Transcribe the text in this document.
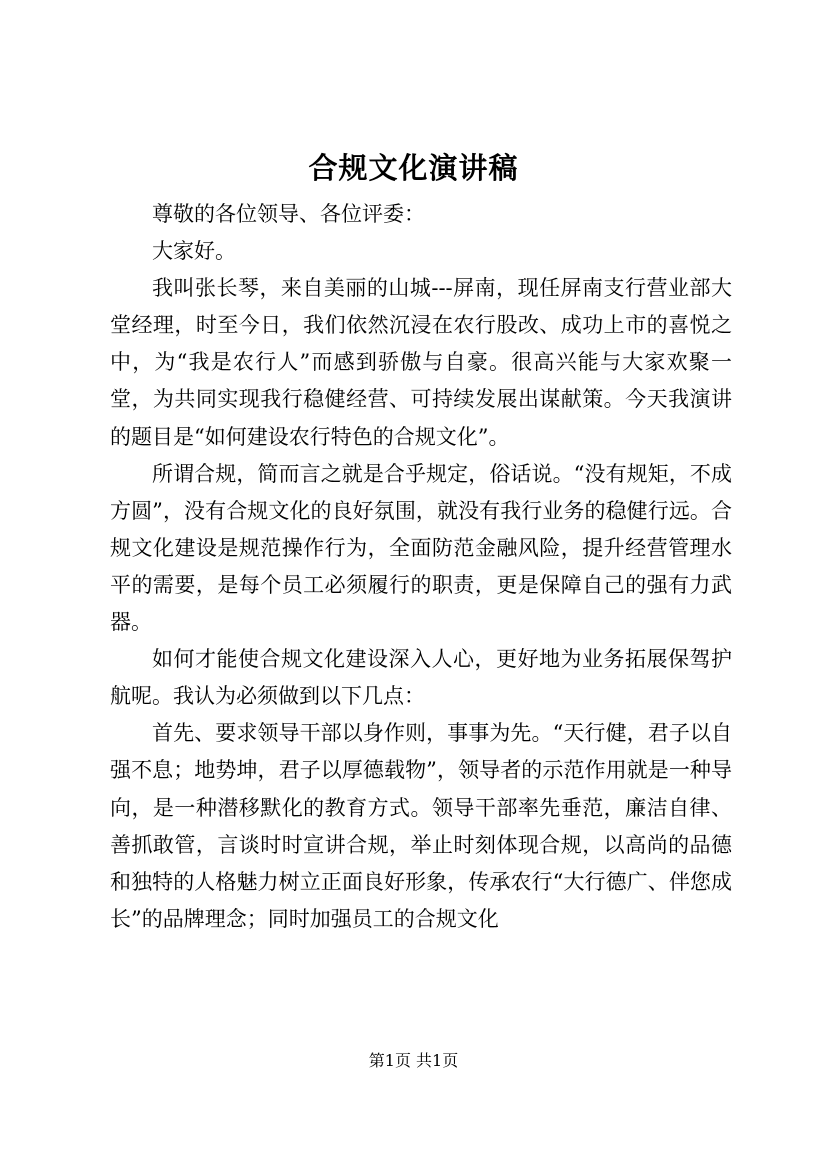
合规文化演讲稿

尊敬的各位领导、各位评委：

大家好。

我叫张长琴，来自美丽的山城---屏南，现任屏南支行营业部大堂经理，时至今日，我们依然沉浸在农行股改、成功上市的喜悦之中，为“我是农行人”而感到骄傲与自豪。很高兴能与大家欢聚一堂，为共同实现我行稳健经营、可持续发展出谋献策。今天我演讲的题目是“如何建设农行特色的合规文化”。

所谓合规，简而言之就是合乎规定，俗话说。“没有规矩，不成方圆”，没有合规文化的良好氛围，就没有我行业务的稳健行远。合规文化建设是规范操作行为，全面防范金融风险，提升经营管理水平的需要，是每个员工必须履行的职责，更是保障自己的强有力武器。

如何才能使合规文化建设深入人心，更好地为业务拓展保驾护航呢。我认为必须做到以下几点：

首先、要求领导干部以身作则，事事为先。“天行健，君子以自强不息；地势坤，君子以厚德载物”，领导者的示范作用就是一种导向，是一种潜移默化的教育方式。领导干部率先垂范，廉洁自律、善抓敢管，言谈时时宣讲合规，举止时刻体现合规，以高尚的品德和独特的人格魅力树立正面良好形象，传承农行“大行德广、伴您成长”的品牌理念；同时加强员工的合规文化

第1页 共1页
